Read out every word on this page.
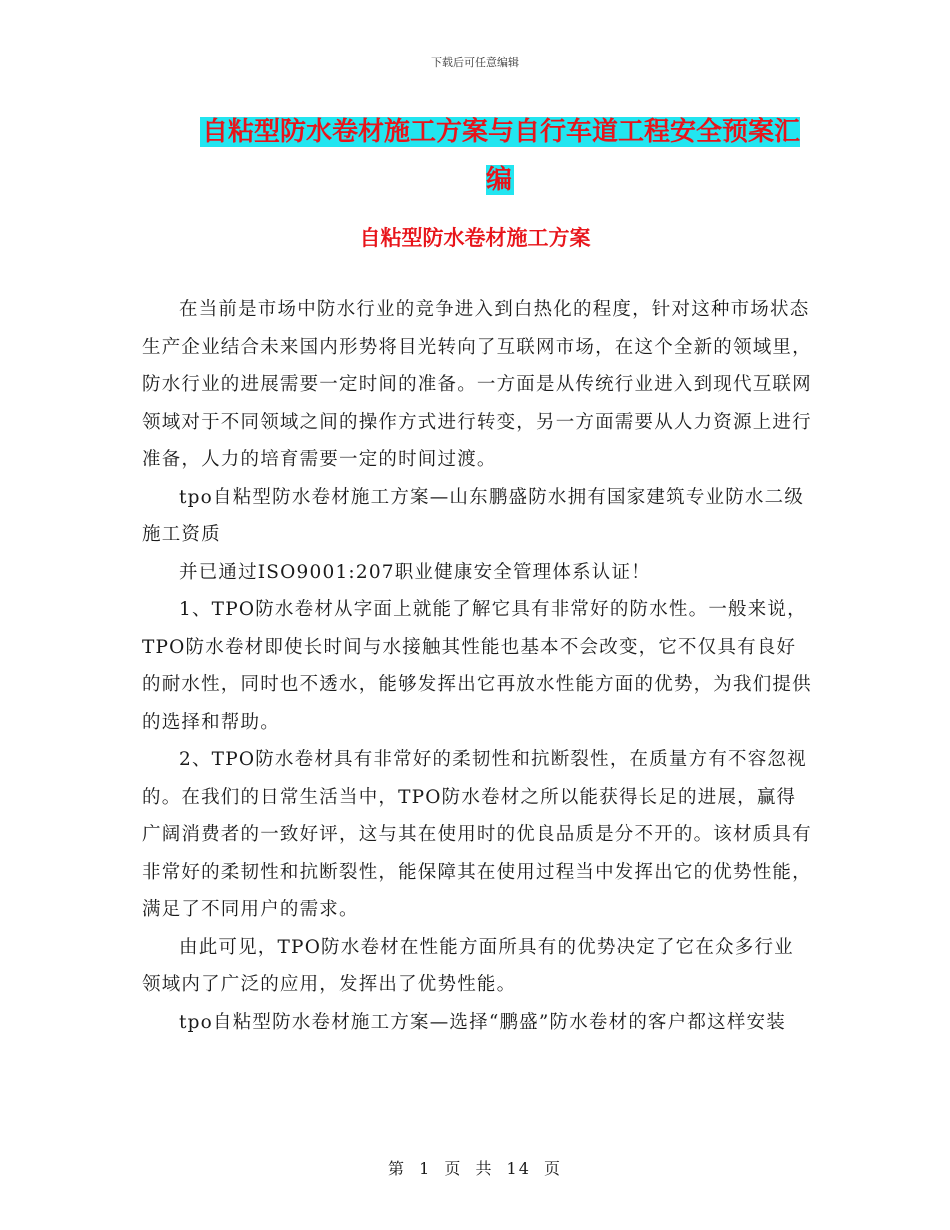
下载后可任意编辑
自粘型防水卷材施工方案与自行车道工程安全预案汇编
自粘型防水卷材施工方案

在当前是市场中防水行业的竞争进入到白热化的程度，针对这种市场状态生产企业结合未来国内形势将目光转向了互联网市场，在这个全新的领域里，防水行业的进展需要一定时间的准备。一方面是从传统行业进入到现代互联网领域对于不同领域之间的操作方式进行转变，另一方面需要从人力资源上进行准备，人力的培育需要一定的时间过渡。

tpo自粘型防水卷材施工方案—山东鹏盛防水拥有国家建筑专业防水二级施工资质

并已通过ISO9001:207职业健康安全管理体系认证！

1、TPO防水卷材从字面上就能了解它具有非常好的防水性。一般来说，TPO防水卷材即使长时间与水接触其性能也基本不会改变，它不仅具有良好的耐水性，同时也不透水，能够发挥出它再放水性能方面的优势，为我们提供的选择和帮助。

2、TPO防水卷材具有非常好的柔韧性和抗断裂性，在质量方有不容忽视的。在我们的日常生活当中，TPO防水卷材之所以能获得长足的进展，赢得广阔消费者的一致好评，这与其在使用时的优良品质是分不开的。该材质具有非常好的柔韧性和抗断裂性，能保障其在使用过程当中发挥出它的优势性能，满足了不同用户的需求。

由此可见，TPO防水卷材在性能方面所具有的优势决定了它在众多行业领域内了广泛的应用，发挥出了优势性能。

tpo自粘型防水卷材施工方案—选择“鹏盛”防水卷材的客户都这样安装

第 1 页 共 14 页
